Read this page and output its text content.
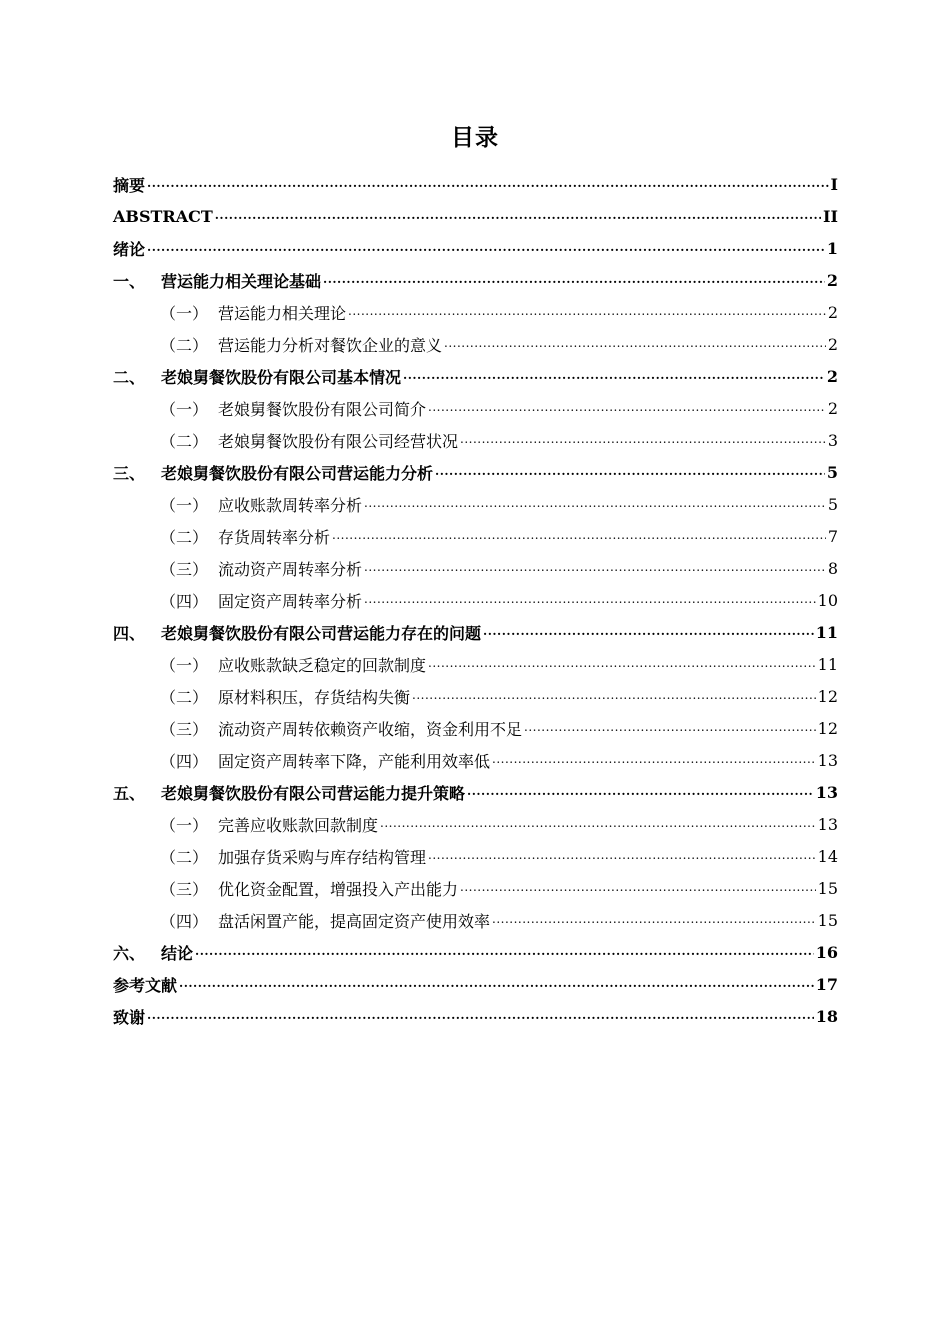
目录
摘要 .....	I
ABSTRACT .....	II
绪论 .....	1
一、 营运能力相关理论基础 .....	2
（一） 营运能力相关理论 .....	2
（二） 营运能力分析对餐饮企业的意义 .....	2
二、 老娘舅餐饮股份有限公司基本情况 .....	2
（一） 老娘舅餐饮股份有限公司简介 .....	2
（二） 老娘舅餐饮股份有限公司经营状况 .....	3
三、 老娘舅餐饮股份有限公司营运能力分析 .....	5
（一） 应收账款周转率分析 .....	5
（二） 存货周转率分析 .....	7
（三） 流动资产周转率分析 .....	8
（四） 固定资产周转率分析 .....	10
四、 老娘舅餐饮股份有限公司营运能力存在的问题 .....	11
（一） 应收账款缺乏稳定的回款制度 .....	11
（二） 原材料积压，存货结构失衡 .....	12
（三） 流动资产周转依赖资产收缩，资金利用不足 .....	12
（四） 固定资产周转率下降，产能利用效率低 .....	13
五、 老娘舅餐饮股份有限公司营运能力提升策略 .....	13
（一） 完善应收账款回款制度 .....	13
（二） 加强存货采购与库存结构管理 .....	14
（三） 优化资金配置，增强投入产出能力 .....	15
（四） 盘活闲置产能，提高固定资产使用效率 .....	15
六、 结论 .....	16
参考文献 .....	17
致谢 .....	18
